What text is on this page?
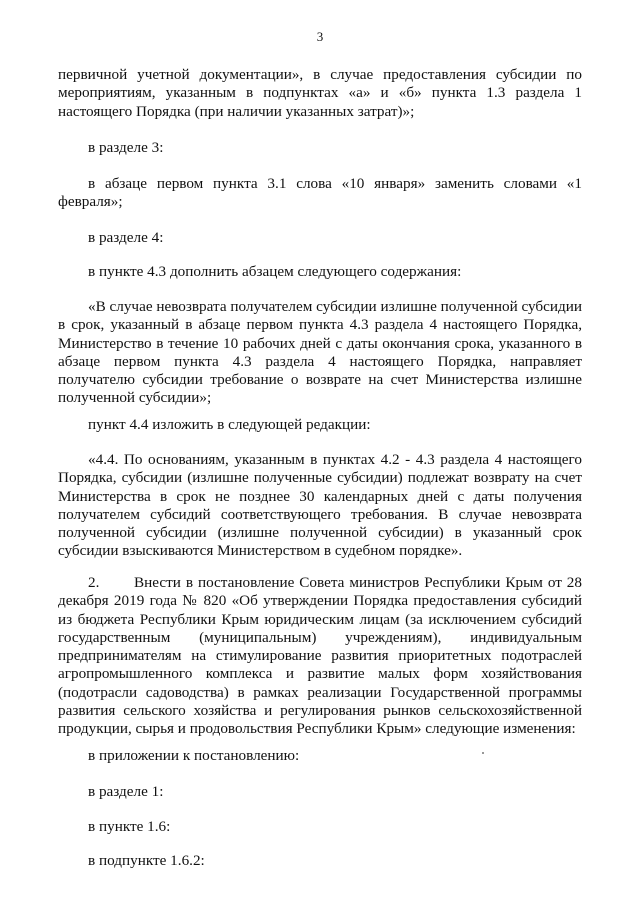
3

первичной учетной документации», в случае предоставления субсидии по мероприятиям, указанным в подпунктах «а» и «б» пункта 1.3 раздела 1 настоящего Порядка (при наличии указанных затрат)»;

в разделе 3:

в абзаце первом пункта 3.1 слова «10 января» заменить словами «1 февраля»;

в разделе 4:

в пункте 4.3 дополнить абзацем следующего содержания:

«В случае невозврата получателем субсидии излишне полученной субсидии в срок, указанный в абзаце первом пункта 4.3 раздела 4 настоящего Порядка, Министерство в течение 10 рабочих дней с даты окончания срока, указанного в абзаце первом пункта 4.3 раздела 4 настоящего Порядка, направляет получателю субсидии требование о возврате на счет Министерства излишне полученной субсидии»;

пункт 4.4 изложить в следующей редакции:

«4.4. По основаниям, указанным в пунктах 4.2 - 4.3 раздела 4 настоящего Порядка, субсидии (излишне полученные субсидии) подлежат возврату на счет Министерства в срок не позднее 30 календарных дней с даты получения получателем субсидий соответствующего требования. В случае невозврата полученной субсидии (излишне полученной субсидии) в указанный срок субсидии взыскиваются Министерством в судебном порядке».

2.       Внести в постановление Совета министров Республики Крым от 28 декабря 2019 года № 820 «Об утверждении Порядка предоставления субсидий из бюджета Республики Крым юридическим лицам (за исключением субсидий государственным (муниципальным) учреждениям), индивидуальным предпринимателям на стимулирование развития приоритетных подотраслей агропромышленного комплекса и развитие малых форм хозяйствования (подотрасли садоводства) в рамках реализации Государственной программы развития сельского хозяйства и регулирования рынков сельскохозяйственной продукции, сырья и продовольствия Республики Крым» следующие изменения:

в приложении к постановлению:

в разделе 1:

в пункте 1.6:

в подпункте 1.6.2:
